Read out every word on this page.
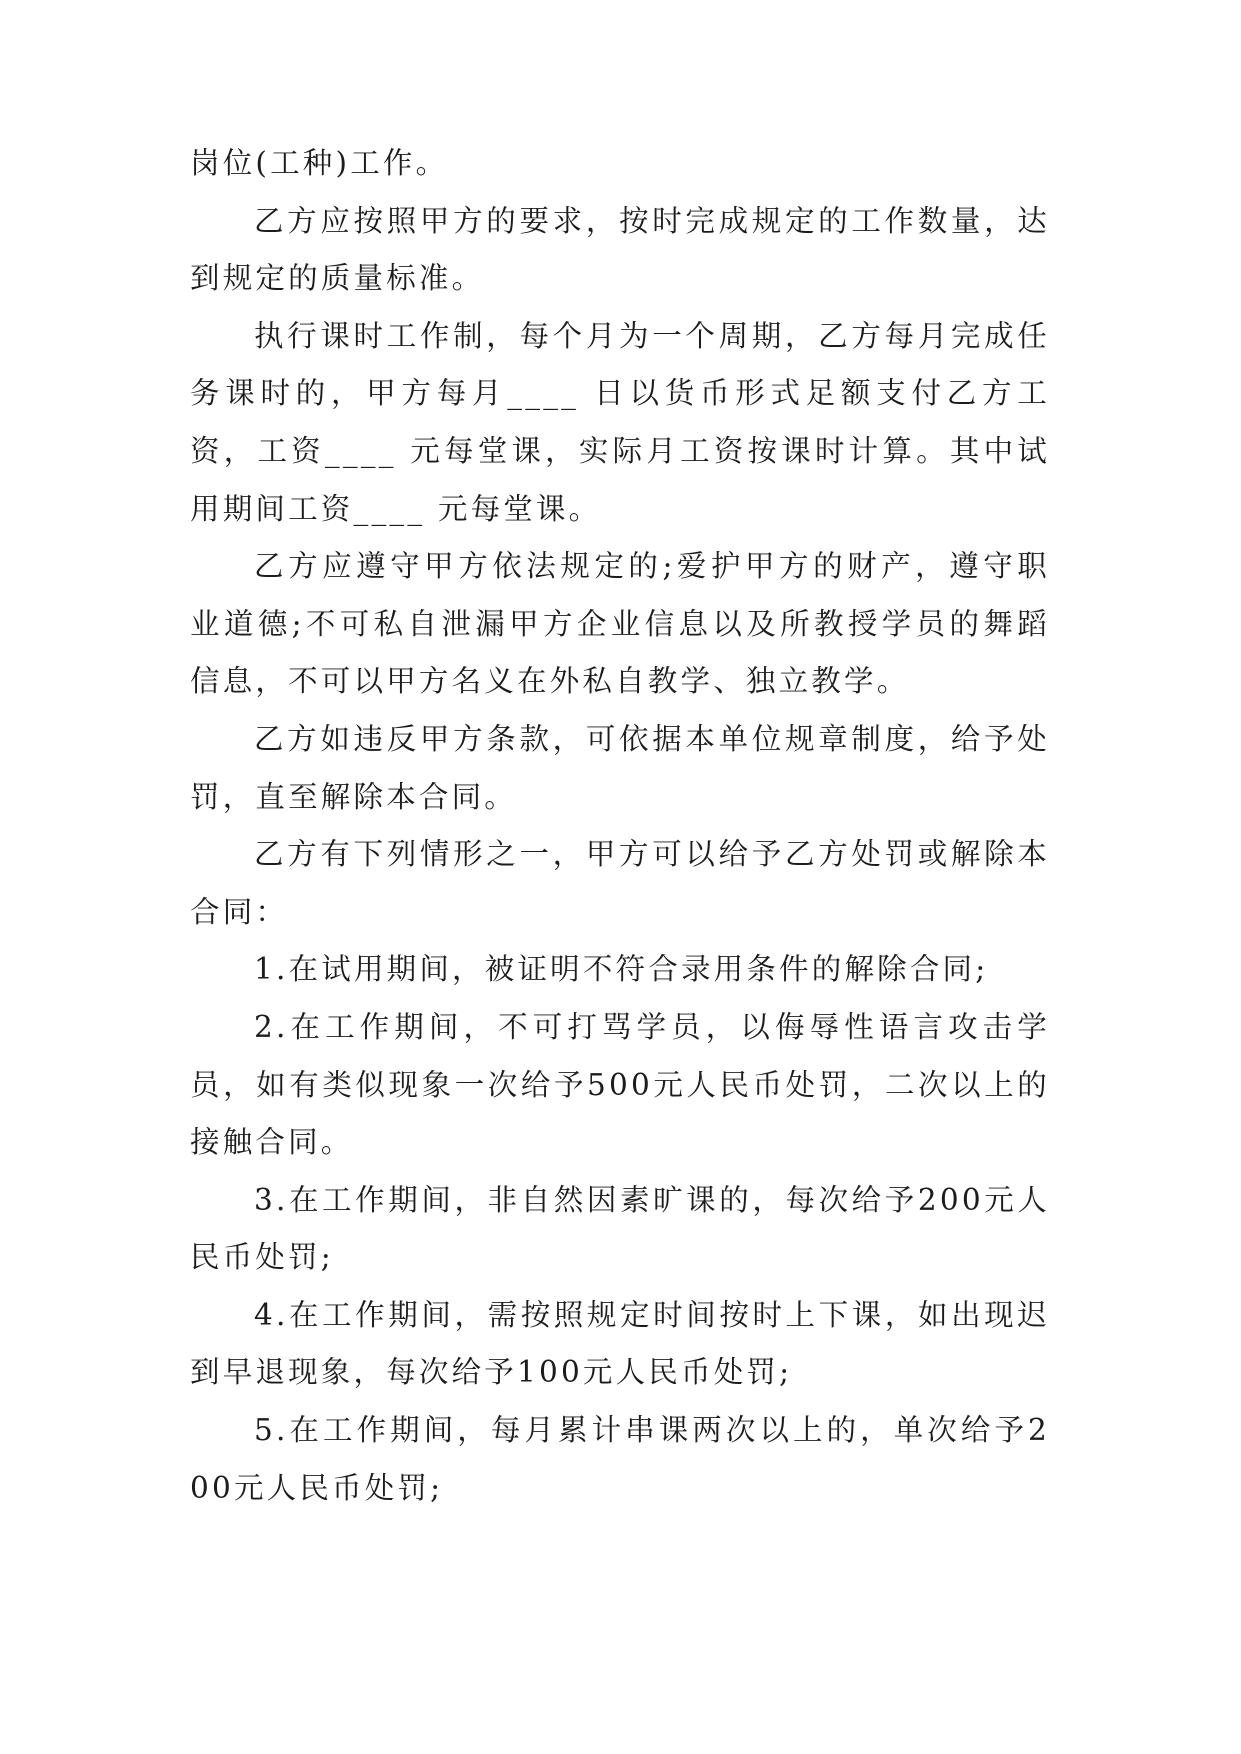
岗位(工种)工作。

乙方应按照甲方的要求，按时完成规定的工作数量，达到规定的质量标准。

执行课时工作制，每个月为一个周期，乙方每月完成任务课时的，甲方每月____ 日以货币形式足额支付乙方工资，工资____ 元每堂课，实际月工资按课时计算。其中试用期间工资____ 元每堂课。

乙方应遵守甲方依法规定的;爱护甲方的财产，遵守职业道德;不可私自泄漏甲方企业信息以及所教授学员的舞蹈信息，不可以甲方名义在外私自教学、独立教学。

乙方如违反甲方条款，可依据本单位规章制度，给予处罚，直至解除本合同。

乙方有下列情形之一，甲方可以给予乙方处罚或解除本合同：

1.在试用期间，被证明不符合录用条件的解除合同;

2.在工作期间，不可打骂学员，以侮辱性语言攻击学员，如有类似现象一次给予500元人民币处罚，二次以上的接触合同。

3.在工作期间，非自然因素旷课的，每次给予200元人民币处罚;

4.在工作期间，需按照规定时间按时上下课，如出现迟到早退现象，每次给予100元人民币处罚;

5.在工作期间，每月累计串课两次以上的，单次给予200元人民币处罚;
